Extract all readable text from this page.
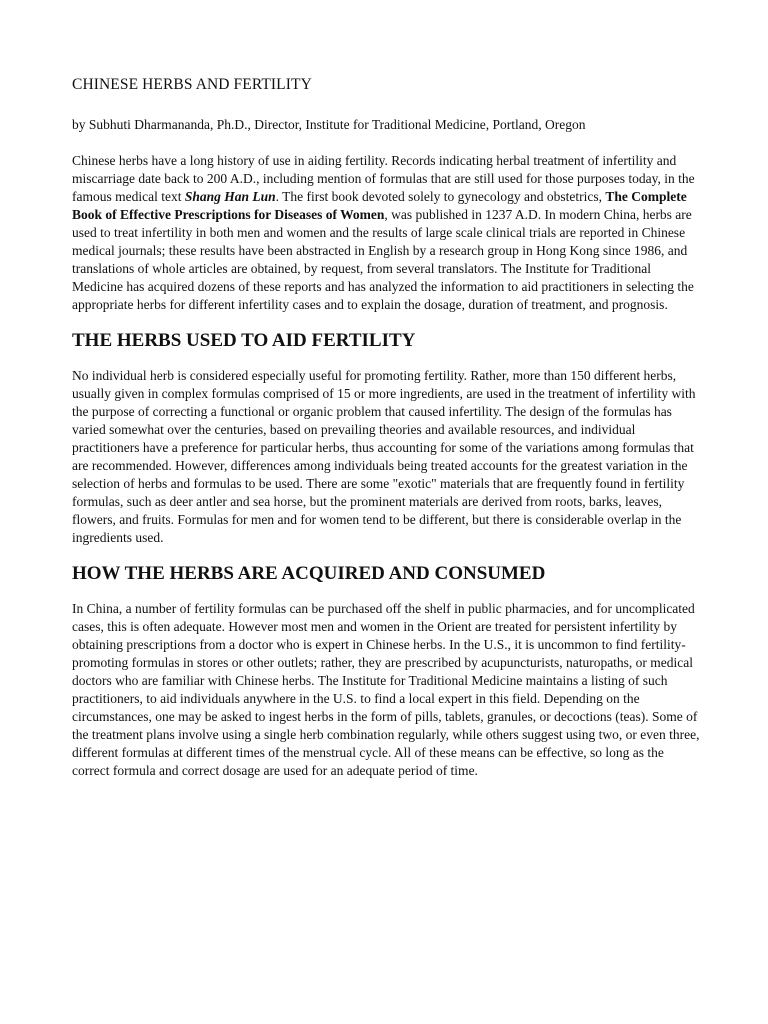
CHINESE HERBS AND FERTILITY

by Subhuti Dharmananda, Ph.D., Director, Institute for Traditional Medicine, Portland, Oregon

Chinese herbs have a long history of use in aiding fertility. Records indicating herbal treatment of infertility and miscarriage date back to 200 A.D., including mention of formulas that are still used for those purposes today, in the famous medical text Shang Han Lun. The first book devoted solely to gynecology and obstetrics, The Complete Book of Effective Prescriptions for Diseases of Women, was published in 1237 A.D. In modern China, herbs are used to treat infertility in both men and women and the results of large scale clinical trials are reported in Chinese medical journals; these results have been abstracted in English by a research group in Hong Kong since 1986, and translations of whole articles are obtained, by request, from several translators. The Institute for Traditional Medicine has acquired dozens of these reports and has analyzed the information to aid practitioners in selecting the appropriate herbs for different infertility cases and to explain the dosage, duration of treatment, and prognosis.

THE HERBS USED TO AID FERTILITY

No individual herb is considered especially useful for promoting fertility. Rather, more than 150 different herbs, usually given in complex formulas comprised of 15 or more ingredients, are used in the treatment of infertility with the purpose of correcting a functional or organic problem that caused infertility. The design of the formulas has varied somewhat over the centuries, based on prevailing theories and available resources, and individual practitioners have a preference for particular herbs, thus accounting for some of the variations among formulas that are recommended. However, differences among individuals being treated accounts for the greatest variation in the selection of herbs and formulas to be used. There are some "exotic" materials that are frequently found in fertility formulas, such as deer antler and sea horse, but the prominent materials are derived from roots, barks, leaves, flowers, and fruits. Formulas for men and for women tend to be different, but there is considerable overlap in the ingredients used.

HOW THE HERBS ARE ACQUIRED AND CONSUMED

In China, a number of fertility formulas can be purchased off the shelf in public pharmacies, and for uncomplicated cases, this is often adequate. However most men and women in the Orient are treated for persistent infertility by obtaining prescriptions from a doctor who is expert in Chinese herbs. In the U.S., it is uncommon to find fertility-promoting formulas in stores or other outlets; rather, they are prescribed by acupuncturists, naturopaths, or medical doctors who are familiar with Chinese herbs. The Institute for Traditional Medicine maintains a listing of such practitioners, to aid individuals anywhere in the U.S. to find a local expert in this field. Depending on the circumstances, one may be asked to ingest herbs in the form of pills, tablets, granules, or decoctions (teas). Some of the treatment plans involve using a single herb combination regularly, while others suggest using two, or even three, different formulas at different times of the menstrual cycle. All of these means can be effective, so long as the correct formula and correct dosage are used for an adequate period of time.
